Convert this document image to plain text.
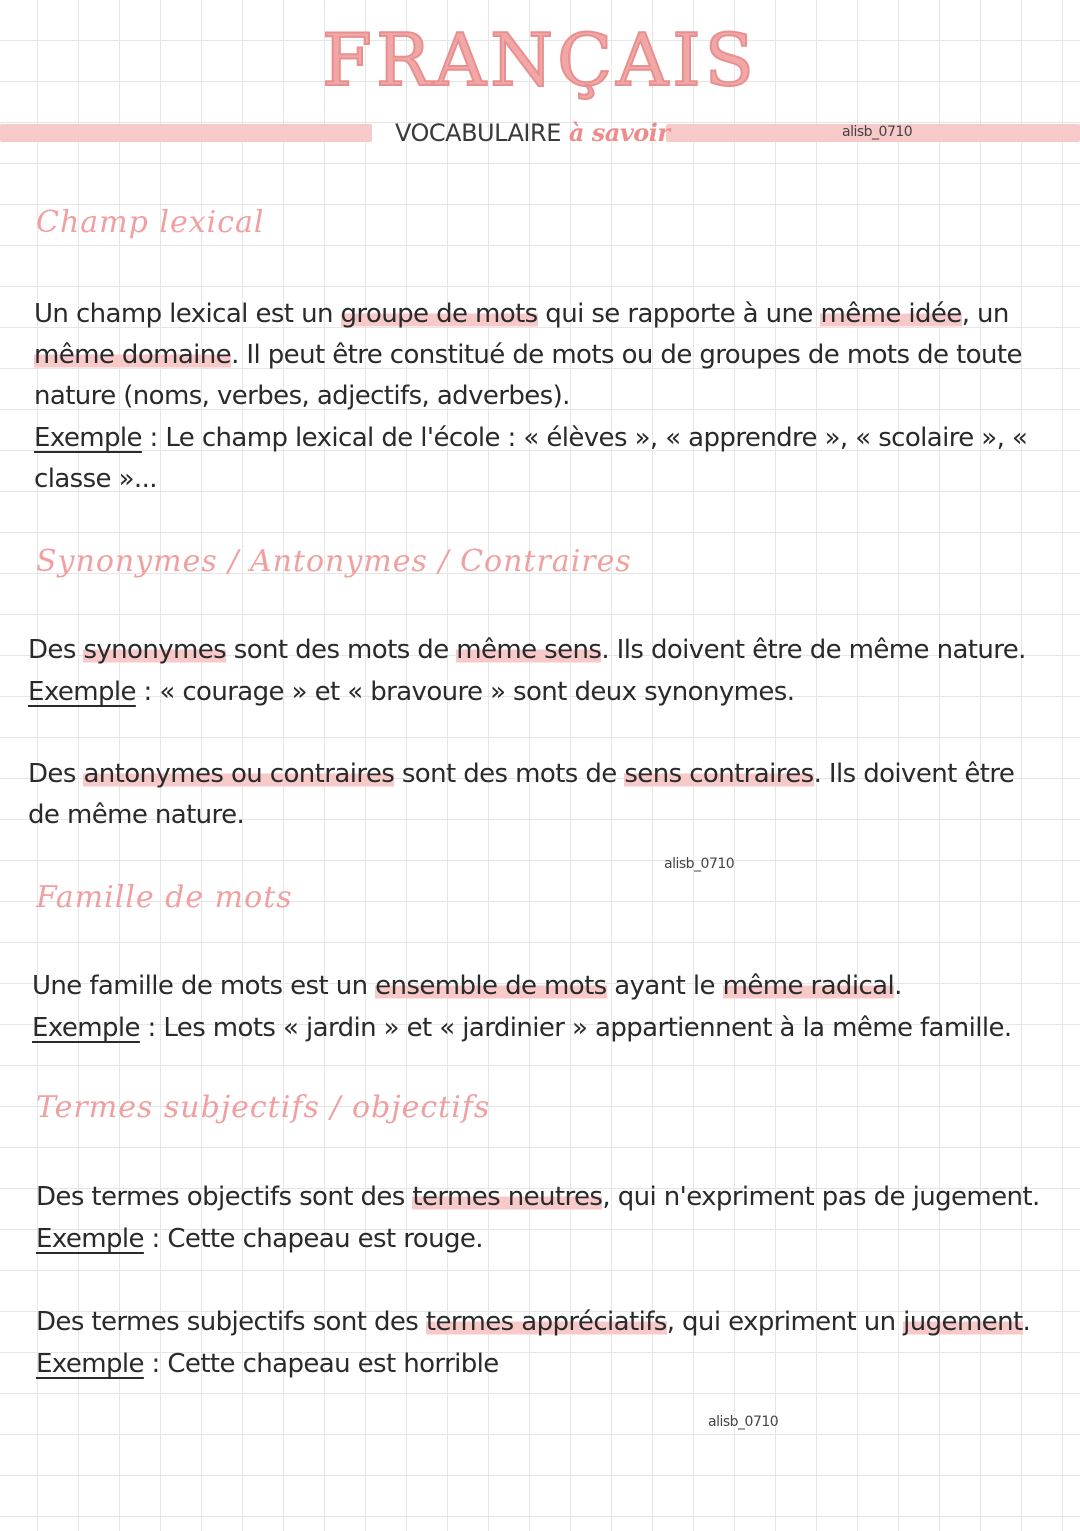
FRANÇAIS
VOCABULAIRE à savoir	alisb_0710
Champ lexical
Un champ lexical est un groupe de mots qui se rapporte à une même idée, un même domaine. Il peut être constitué de mots ou de groupes de mots de toute nature (noms, verbes, adjectifs, adverbes).
Exemple : Le champ lexical de l'école : « élèves », « apprendre », « scolaire », « classe »...
Synonymes / Antonymes / Contraires
Des synonymes sont des mots de même sens. Ils doivent être de même nature.
Exemple : « courage » et « bravoure » sont deux synonymes.
Des antonymes ou contraires sont des mots de sens contraires. Ils doivent être de même nature.
alisb_0710
Famille de mots
Une famille de mots est un ensemble de mots ayant le même radical.
Exemple : Les mots « jardin » et « jardinier » appartiennent à la même famille.
Termes subjectifs / objectifs
Des termes objectifs sont des termes neutres, qui n'expriment pas de jugement.
Exemple : Cette chapeau est rouge.
Des termes subjectifs sont des termes appréciatifs, qui expriment un jugement.
Exemple : Cette chapeau est horrible
alisb_0710
